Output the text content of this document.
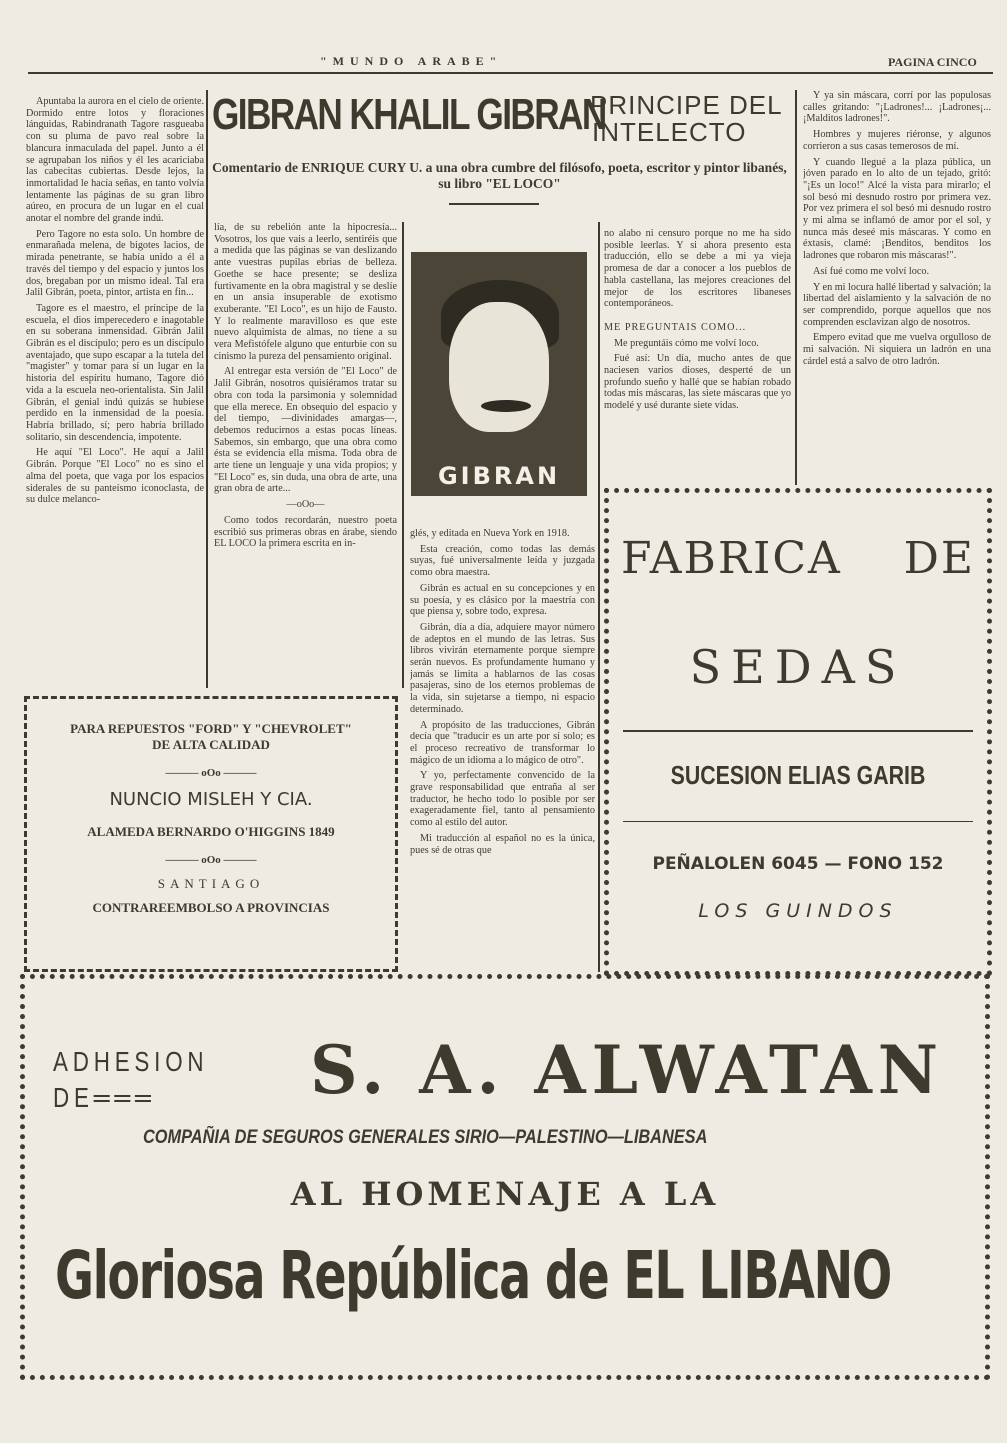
"MUNDO ARABE"	PAGINA CINCO

Apuntaba la aurora en el cielo de oriente. Dormido entre lotos y floraciones lánguidas, Rabindranath Tagore rasgueaba con su pluma de pavo real sobre la blancura inmaculada del papel. Junto a él se agrupaban los niños y él les acariciaba las cabecitas cubiertas. Desde lejos, la inmortalidad le hacía señas, en tanto volvía lentamente las páginas de su gran libro aúreo, en procura de un lugar en el cual anotar el nombre del grande indú.

Pero Tagore no esta solo. Un hombre de enmarañada melena, de bigotes lacios, de mirada penetrante, se había unido a él a través del tiempo y del espacio y juntos los dos, bregaban por un mismo ideal. Tal era Jalil Gibrán, poeta, pintor, artista en fin...

Tagore es el maestro, el príncipe de la escuela, el dios imperecedero e inagotable en su soberana inmensidad. Gibrán Jalil Gibrán es el discípulo; pero es un discípulo aventajado, que supo escapar a la tutela del "magister" y tomar para sí un lugar en la historia del espíritu humano, Tagore dió vida a la escuela neo-orientalista. Sin Jalil Gibrán, el genial indú quizás se hubiese perdido en la inmensidad de la poesía. Habría brillado, sí; pero habría brillado solitario, sin descendencia, impotente.

He aquí "El Loco". He aquí a Jalil Gibrán. Porque "El Loco" no es sino el alma del poeta, que vaga por los espacios siderales de su panteísmo iconoclasta, de su dulce melanco-

GIBRAN KHALIL GIBRAN
PRINCIPE DEL
INTELECTO
Comentario de ENRIQUE CURY U. a una obra cumbre del filósofo, poeta, escritor y pintor libanés, su libro "EL LOCO"

lía, de su rebelión ante la hipocresía... Vosotros, los que vais a leerlo, sentiréis que a medida que las páginas se van deslizando ante vuestras pupilas ebrias de belleza. Goethe se hace presente; se desliza furtivamente en la obra magistral y se deslíe en un ansia insuperable de exotismo exuberante. "El Loco", es un hijo de Fausto. Y lo realmente maravilloso es que este nuevo alquimista de almas, no tiene a su vera Mefistófele alguno que enturbie con su cinismo la pureza del pensamiento original.

Al entregar esta versión de "El Loco" de Jalil Gibrán, nosotros quisiéramos tratar su obra con toda la parsimonia y solemnidad que ella merece. En obsequio del espacio y del tiempo, —divinidades amargas—, debemos reducirnos a estas pocas líneas. Sabemos, sin embargo, que una obra como ésta se evidencia ella misma. Toda obra de arte tiene un lenguaje y una vida propios; y "El Loco" es, sin duda, una obra de arte, una gran obra de arte...

—oOo—

Como todos recordarán, nuestro poeta escribió sus primeras obras en árabe, siendo EL LOCO la primera escrita en in-

GIBRAN

glés, y editada en Nueva York en 1918.

Esta creación, como todas las demás suyas, fué universalmente leída y juzgada como obra maestra.

Gibrán es actual en su concepciones y en su poesía, y es clásico por la maestría con que piensa y, sobre todo, expresa.

Gibrán, día a día, adquiere mayor número de adeptos en el mundo de las letras. Sus libros vivirán eternamente porque siempre serán nuevos. Es profundamente humano y jamás se limita a hablarnos de las cosas pasajeras, sino de los eternos problemas de la vida, sin sujetarse a tiempo, ni espacio determinado.

A propósito de las traducciones, Gibrán decía que "traducir es un arte por sí solo; es el proceso recreativo de transformar lo mágico de un idioma a lo mágico de otro".

Y yo, perfectamente convencido de la grave responsabilidad que entraña al ser traductor, he hecho todo lo posible por ser exageradamente fiel, tanto al pensamiento como al estilo del autor.

Mi traducción al español no es la única, pues sé de otras que

no alabo ni censuro porque no me ha sido posible leerlas. Y si ahora presento esta traducción, ello se debe a mi ya vieja promesa de dar a conocer a los pueblos de habla castellana, las mejores creaciones del mejor de los escritores libaneses contemporáneos.

ME PREGUNTAIS COMO...

Me preguntáis cómo me volví loco.

Fué así: Un día, mucho antes de que naciesen varios dioses, desperté de un profundo sueño y hallé que se habían robado todas mis máscaras, las siete máscaras que yo modelé y usé durante siete vidas.

Y ya sin máscara, corrí por las populosas calles gritando: "¡Ladrones!... ¡Ladrones¡... ¡Malditos ladrones!".

Hombres y mujeres riéronse, y algunos corrieron a sus casas temerosos de mí.

Y cuando llegué a la plaza pública, un jóven parado en lo alto de un tejado, gritó: "¡Es un loco!" Alcé la vista para mirarlo; el sol besó mi desnudo rostro por primera vez. Por vez primera el sol besó mi desnudo rostro y mi alma se inflamó de amor por el sol, y nunca más deseé mis máscaras. Y como en éxtasis, clamé: ¡Benditos, benditos los ladrones que robaron mis máscaras!".

Así fué como me volví loco.

Y en mi locura hallé libertad y salvación; la libertad del aislamiento y la salvación de no ser comprendido, porque aquellos que nos comprenden esclavizan algo de nosotros.

Empero evitad que me vuelva orgulloso de mi salvación. Ni siquiera un ladrón en una cárdel está a salvo de otro ladrón.

PARA REPUESTOS "FORD" Y "CHEVROLET"
DE ALTA CALIDAD
——— oOo ———
NUNCIO MISLEH Y CIA.
ALAMEDA BERNARDO O'HIGGINS 1849
——— oOo ———
SANTIAGO
CONTRAREEMBOLSO A PROVINCIAS
FABRICA DE
SEDAS
SUCESION ELIAS GARIB
PEÑALOLEN 6045 — FONO 152
LOS GUINDOS
ADHESION
DE═══	S. A. ALWATAN
COMPAÑIA DE SEGUROS GENERALES SIRIO—PALESTINO—LIBANESA
AL HOMENAJE A LA
Gloriosa República de EL LIBANO
